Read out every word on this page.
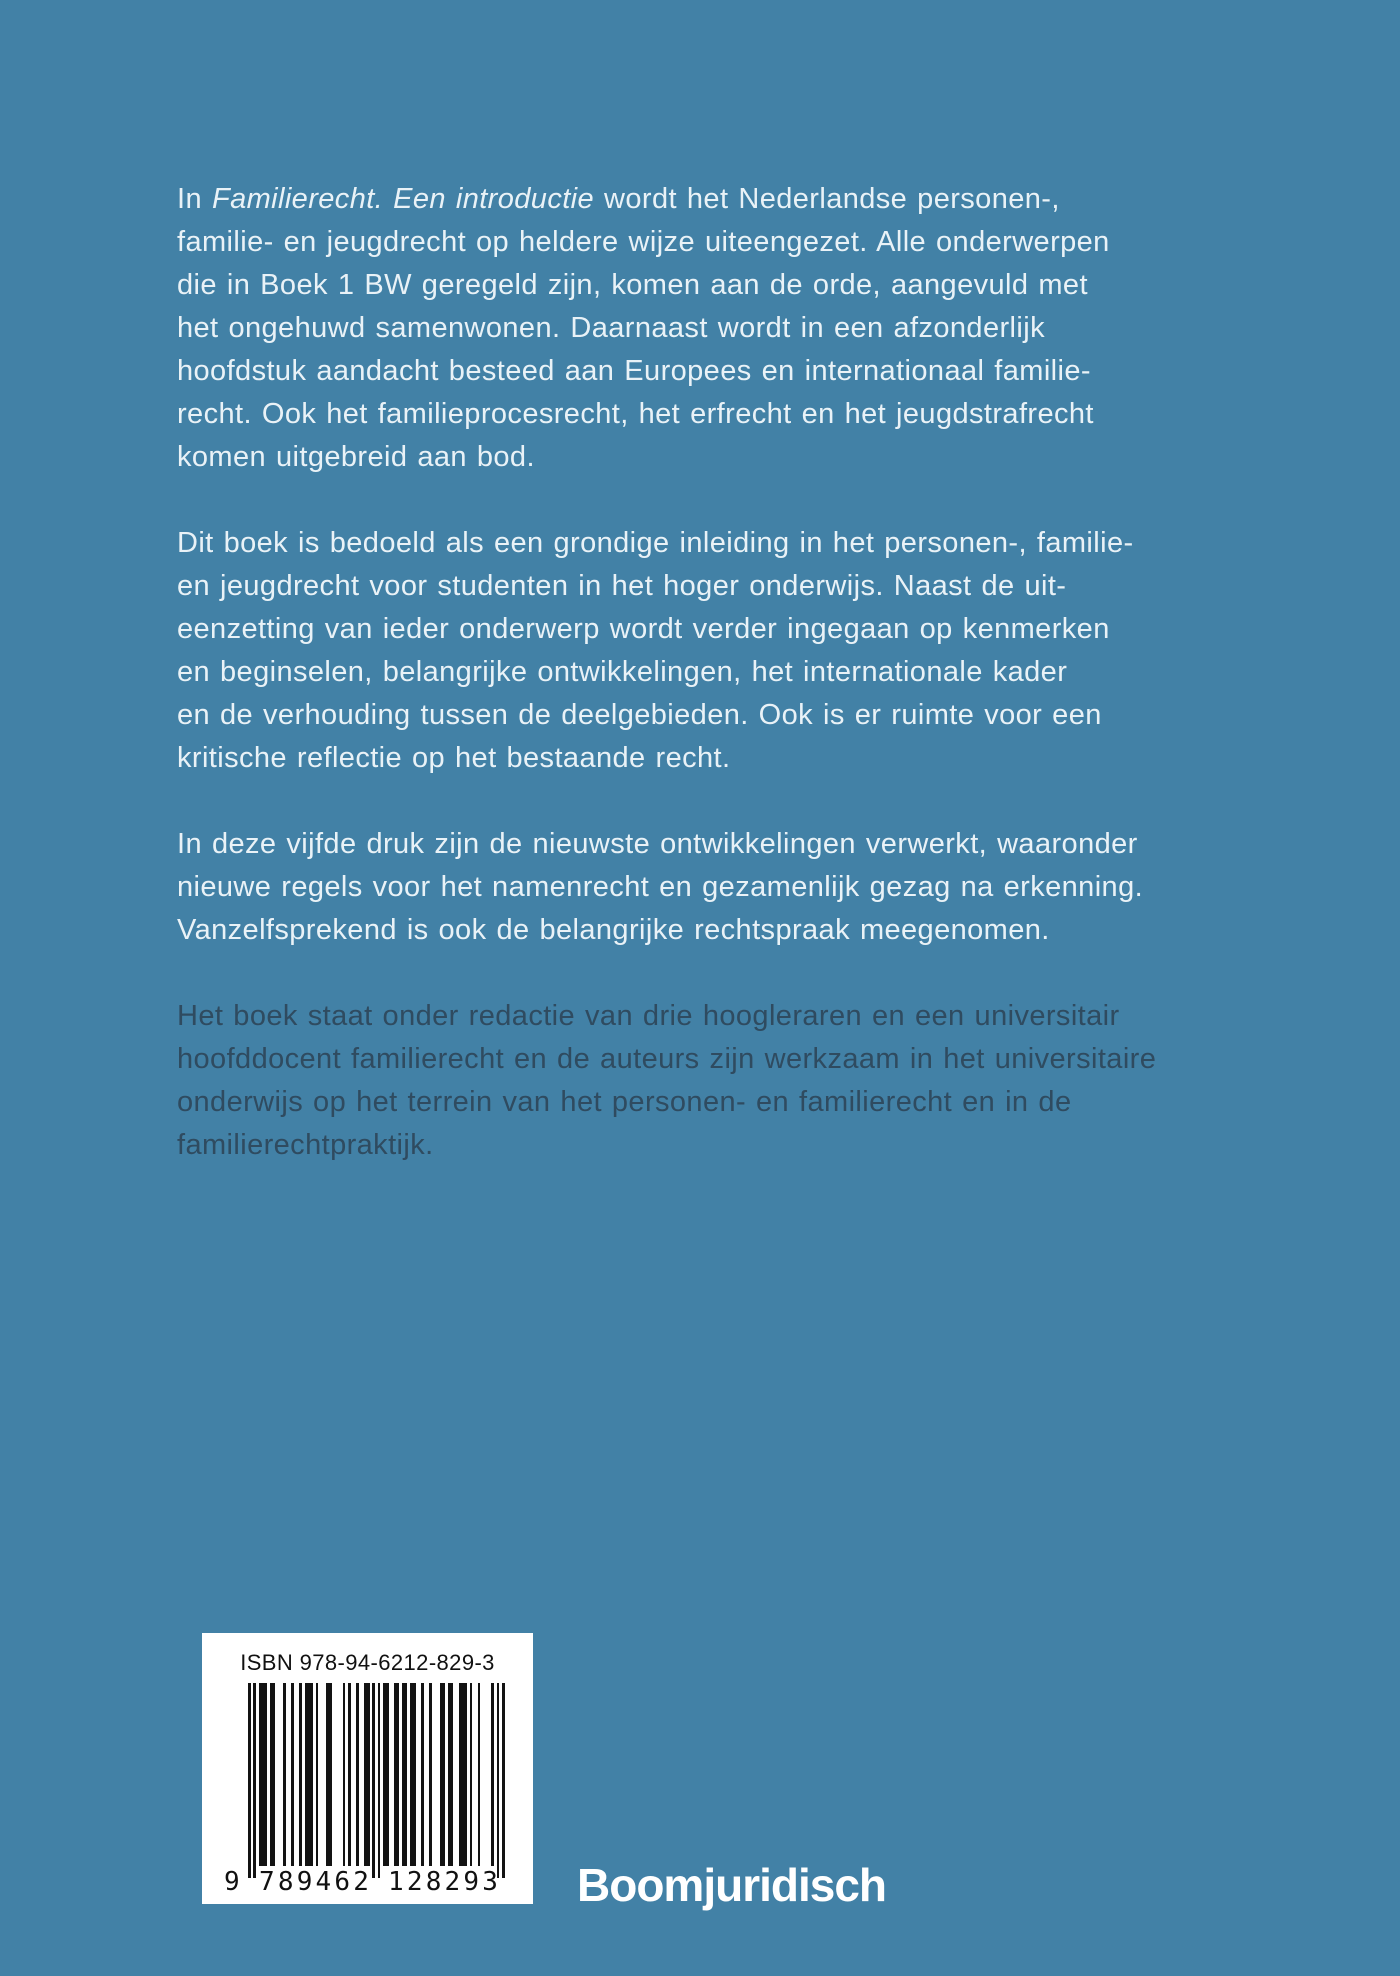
In Familierecht. Een introductie wordt het Nederlandse personen-,
familie- en jeugdrecht op heldere wijze uiteengezet. Alle onderwerpen
die in Boek 1 BW geregeld zijn, komen aan de orde, aangevuld met
het ongehuwd samenwonen. Daarnaast wordt in een afzonderlijk
hoofdstuk aandacht besteed aan Europees en internationaal familie-
recht. Ook het familieprocesrecht, het erfrecht en het jeugdstrafrecht
komen uitgebreid aan bod.
Dit boek is bedoeld als een grondige inleiding in het personen-, familie-
en jeugdrecht voor studenten in het hoger onderwijs. Naast de uit-
eenzetting van ieder onderwerp wordt verder ingegaan op kenmerken
en beginselen, belangrijke ontwikkelingen, het internationale kader
en de verhouding tussen de deelgebieden. Ook is er ruimte voor een
kritische reflectie op het bestaande recht.
In deze vijfde druk zijn de nieuwste ontwikkelingen verwerkt, waaronder
nieuwe regels voor het namenrecht en gezamenlijk gezag na erkenning.
Vanzelfsprekend is ook de belangrijke rechtspraak meegenomen.
Het boek staat onder redactie van drie hoogleraren en een universitair
hoofddocent familierecht en de auteurs zijn werkzaam in het universitaire
onderwijs op het terrein van het personen- en familierecht en in de
familierechtpraktijk.
ISBN 978-94-6212-829-3
9 789462 128293 Boomjuridisch
